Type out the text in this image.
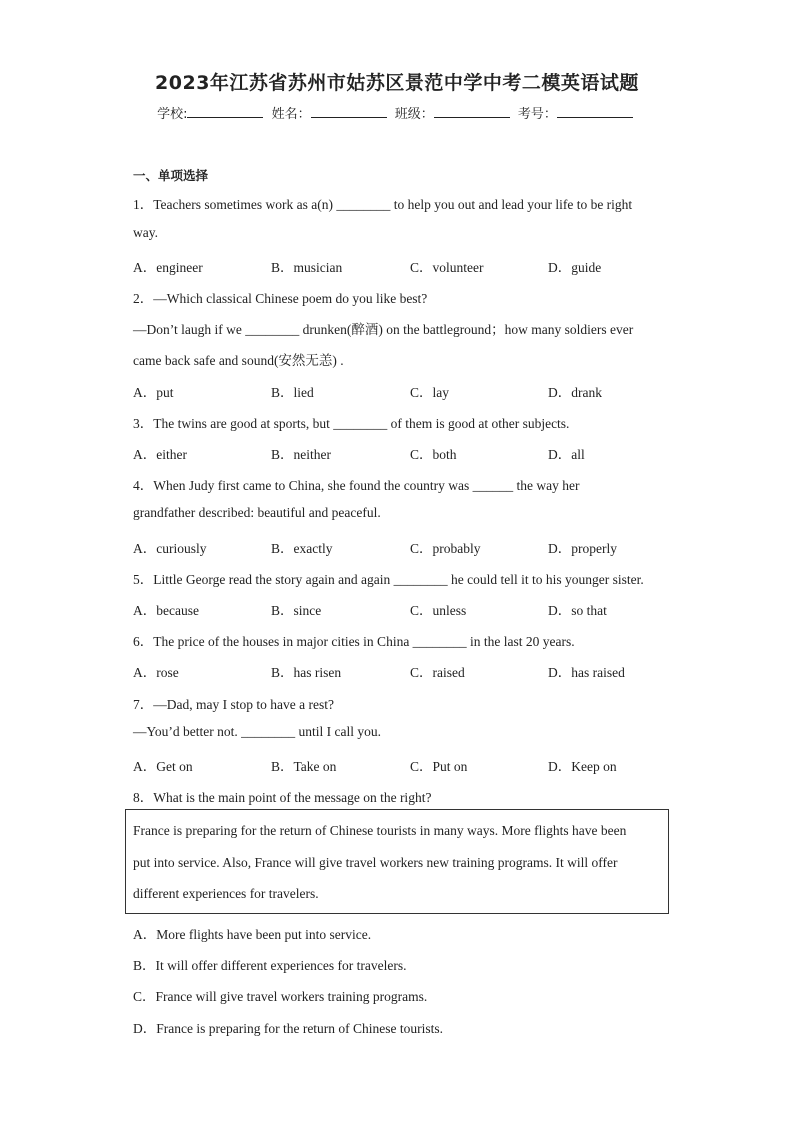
2023年江苏省苏州市姑苏区景范中学中考二模英语试题
学校:	姓名：	班级：	考号：
一、单项选择
1．Teachers sometimes work as a(n) ________ to help you out and lead your life to be right
way.
A．engineer	B．musician	C．volunteer	D．guide
2．—Which classical Chinese poem do you like best?
—Don’t laugh if we ________ drunken(醉酒) on the battleground；how many soldiers ever
came back safe and sound(安然无恙) .
A．put	B．lied	C．lay	D．drank
3．The twins are good at sports, but ________ of them is good at other subjects.
A．either	B．neither	C．both	D．all
4．When Judy first came to China, she found the country was ______ the way her
grandfather described: beautiful and peaceful.
A．curiously	B．exactly	C．probably	D．properly
5．Little George read the story again and again ________ he could tell it to his younger sister.
A．because	B．since	C．unless	D．so that
6．The price of the houses in major cities in China ________ in the last 20 years.
A．rose	B．has risen	C．raised	D．has raised
7．—Dad, may I stop to have a rest?
—You’d better not. ________ until I call you.
A．Get on	B．Take on	C．Put on	D．Keep on
8．What is the main point of the message on the right?
France is preparing for the return of Chinese tourists in many ways. More flights have been
put into service. Also, France will give travel workers new training programs. It will offer
different experiences for travelers.
A．More flights have been put into service.
B．It will offer different experiences for travelers.
C．France will give travel workers training programs.
D．France is preparing for the return of Chinese tourists.
